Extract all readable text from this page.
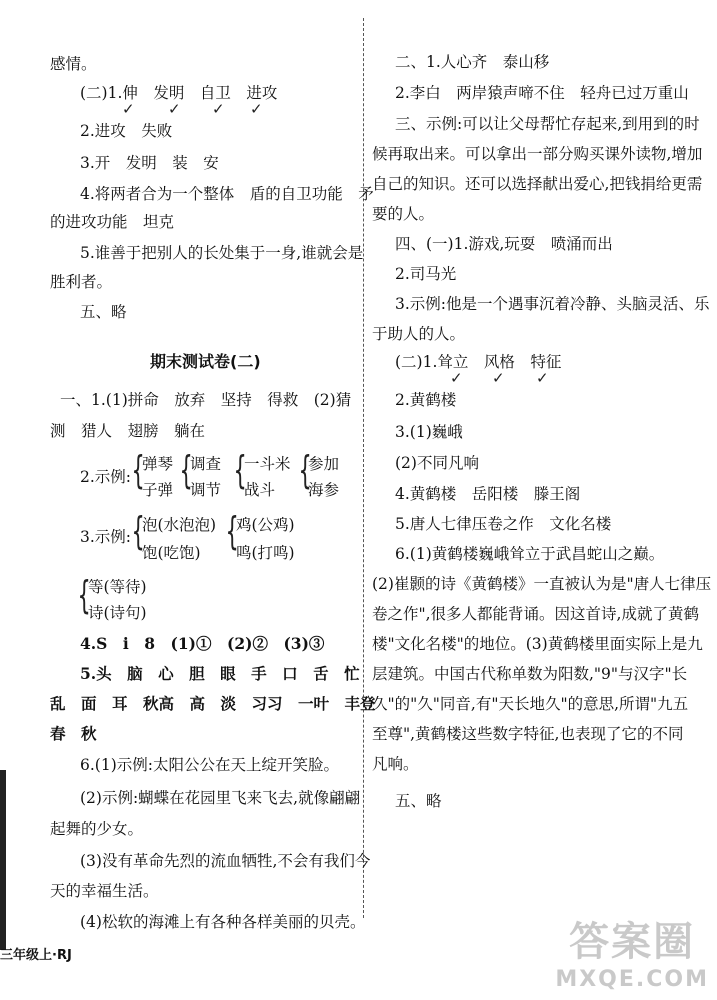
感情。
(二)1.伸　发明　自卫　进攻
✓ ✓ ✓ ✓
2.进攻　失败
3.开　发明　装　安
4.将两者合为一个整体　盾的自卫功能　矛
的进攻功能　坦克
5.谁善于把别人的长处集于一身,谁就会是
胜利者。
五、略
期末测试卷(二)
一、1.(1)拼命　放弃　坚持　得救　(2)猜
测　猎人　翅膀　躺在
2.示例: {
弹琴
子弹 {
调查
调节 {
一斗米
战斗 {
参加
海参
3.示例: {
泡(水泡泡)
饱(吃饱) {
鸡(公鸡)
鸣(打鸣)
{
等(等待)
诗(诗句)
4.S　i　8　(1)①　(2)②　(3)③
5.头　脑　心　胆　眼　手　口　舌　忙
乱　面　耳　秋高　高　淡　习习　一叶　丰登
春　秋
6.(1)示例:太阳公公在天上绽开笑脸。
(2)示例:蝴蝶在花园里飞来飞去,就像翩翩
起舞的少女。
(3)没有革命先烈的流血牺牲,不会有我们今
天的幸福生活。
(4)松软的海滩上有各种各样美丽的贝壳。
二、1.人心齐　泰山移
2.李白　两岸猿声啼不住　轻舟已过万重山
三、示例:可以让父母帮忙存起来,到用到的时
候再取出来。可以拿出一部分购买课外读物,增加
自己的知识。还可以选择献出爱心,把钱捐给更需
要的人。
四、(一)1.游戏,玩耍　喷涌而出
2.司马光
3.示例:他是一个遇事沉着冷静、头脑灵活、乐
于助人的人。
(二)1.耸立　风格　特征
✓ ✓ ✓
2.黄鹤楼
3.(1)巍峨
(2)不同凡响
4.黄鹤楼　岳阳楼　滕王阁
5.唐人七律压卷之作　文化名楼
6.(1)黄鹤楼巍峨耸立于武昌蛇山之巅。
(2)崔颢的诗《黄鹤楼》一直被认为是"唐人七律压
卷之作",很多人都能背诵。因这首诗,成就了黄鹤
楼"文化名楼"的地位。(3)黄鹤楼里面实际上是九
层建筑。中国古代称单数为阳数,"9"与汉字"长
久"的"久"同音,有"天长地久"的意思,所谓"九五
至尊",黄鹤楼这些数字特征,也表现了它的不同
凡响。
五、略
三年级上·RJ	答案圈
MXQE.COM
